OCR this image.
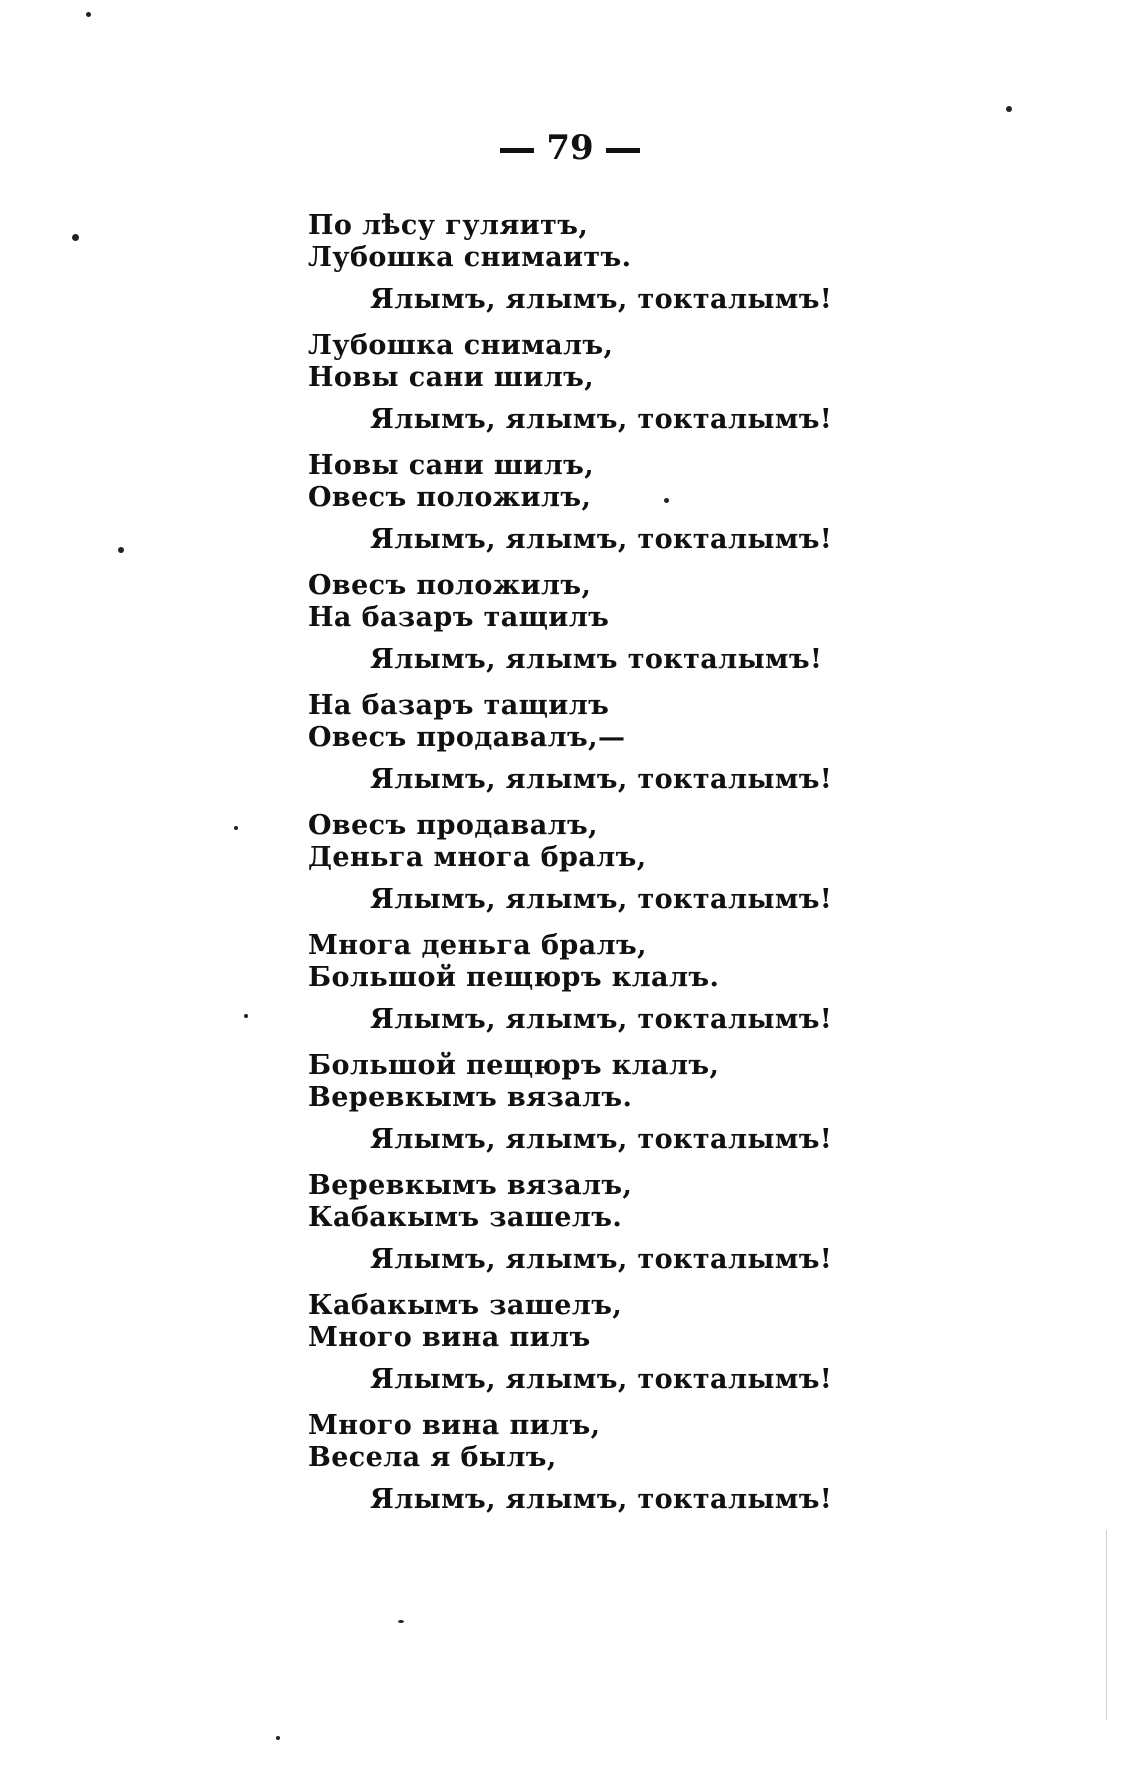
79
По лѣсу гуляитъ,
Лубошка снимаитъ.
Ялымъ, ялымъ, токталымъ!
Лубошка снималъ,
Новы сани шилъ,
Ялымъ, ялымъ, токталымъ!
Новы сани шилъ,
Овесъ положилъ,
Ялымъ, ялымъ, токталымъ!
Овесъ положилъ,
На базаръ тащилъ
Ялымъ, ялымъ токталымъ!
На базаръ тащилъ
Овесъ продавалъ,—
Ялымъ, ялымъ, токталымъ!
Овесъ продавалъ,
Деньга многа бралъ,
Ялымъ, ялымъ, токталымъ!
Многа деньга бралъ,
Большой пещюръ клалъ.
Ялымъ, ялымъ, токталымъ!
Большой пещюръ клалъ,
Веревкымъ вязалъ.
Ялымъ, ялымъ, токталымъ!
Веревкымъ вязалъ,
Кабакымъ зашелъ.
Ялымъ, ялымъ, токталымъ!
Кабакымъ зашелъ,
Много вина пилъ
Ялымъ, ялымъ, токталымъ!
Много вина пилъ,
Весела я былъ,
Ялымъ, ялымъ, токталымъ!
